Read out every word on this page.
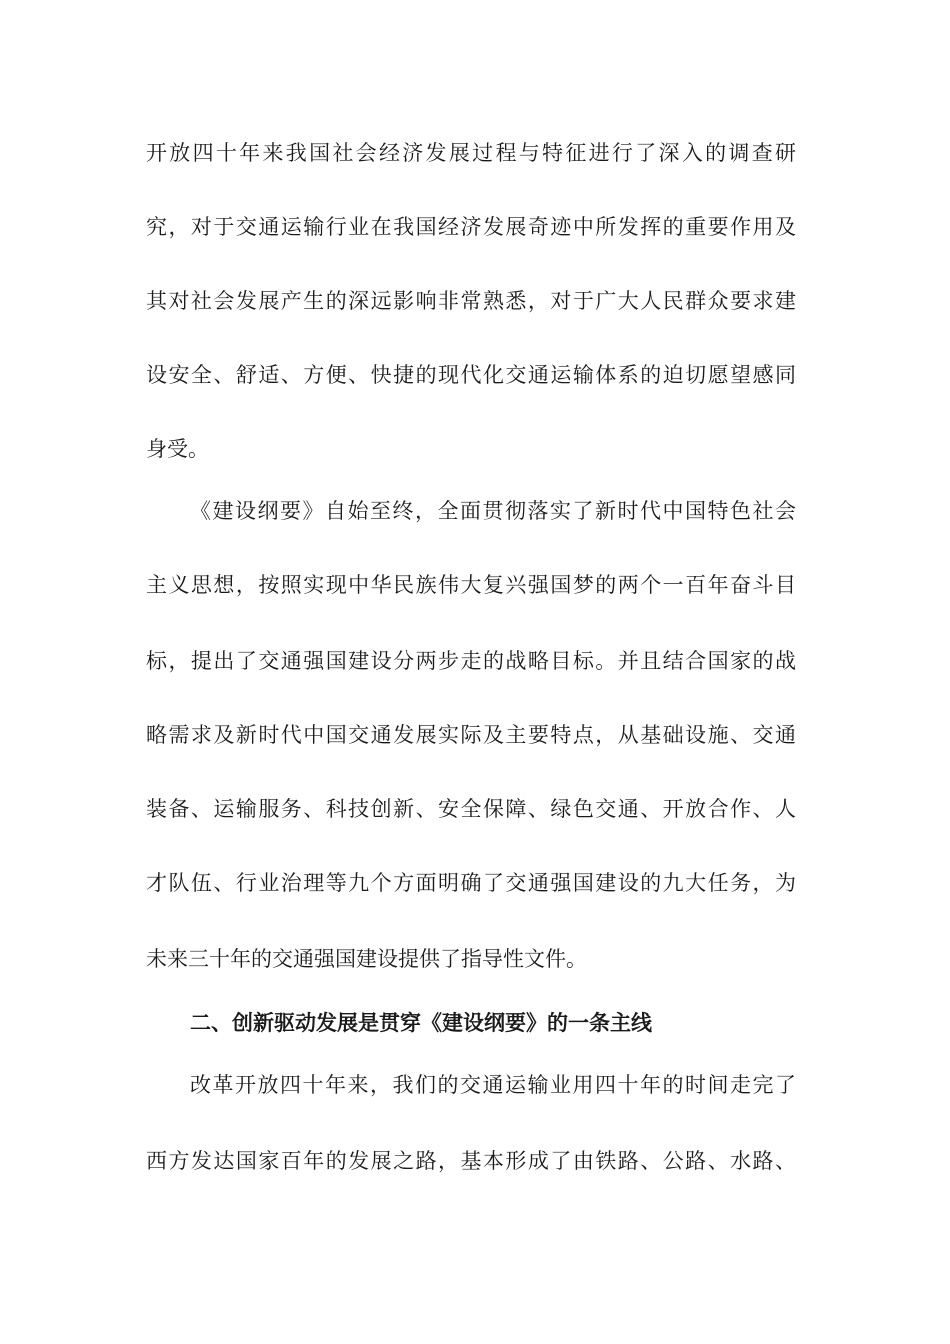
开放四十年来我国社会经济发展过程与特征进行了深入的调查研
究，对于交通运输行业在我国经济发展奇迹中所发挥的重要作用及
其对社会发展产生的深远影响非常熟悉，对于广大人民群众要求建
设安全、舒适、方便、快捷的现代化交通运输体系的迫切愿望感同
身受。
《建设纲要》自始至终，全面贯彻落实了新时代中国特色社会
主义思想，按照实现中华民族伟大复兴强国梦的两个一百年奋斗目
标，提出了交通强国建设分两步走的战略目标。并且结合国家的战
略需求及新时代中国交通发展实际及主要特点，从基础设施、交通
装备、运输服务、科技创新、安全保障、绿色交通、开放合作、人
才队伍、行业治理等九个方面明确了交通强国建设的九大任务，为
未来三十年的交通强国建设提供了指导性文件。
二、创新驱动发展是贯穿《建设纲要》的一条主线
改革开放四十年来，我们的交通运输业用四十年的时间走完了
西方发达国家百年的发展之路，基本形成了由铁路、公路、水路、
